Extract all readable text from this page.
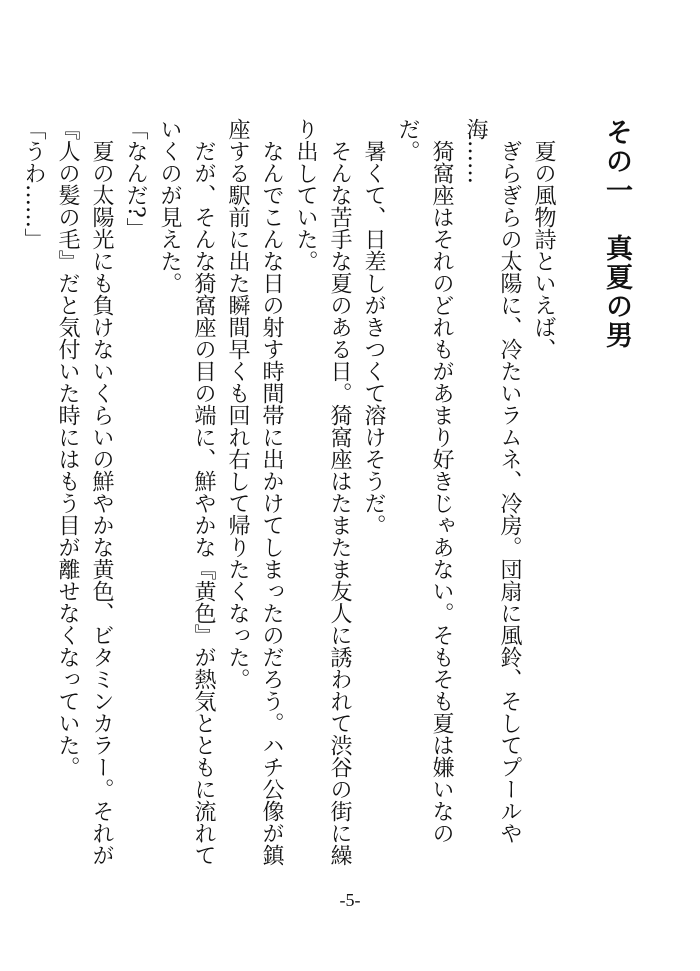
その一　真夏の男

夏の風物詩といえば、

ぎらぎらの太陽に、冷たいラムネ、冷房。団扇に風鈴、そしてプールや海……

猗窩座はそれのどれもがあまり好きじゃあない。そもそも夏は嫌いなのだ。

暑くて、日差しがきつくて溶けそうだ。

そんな苦手な夏のある日。猗窩座はたまたま友人に誘われて渋谷の街に繰り出していた。

なんでこんな日の射す時間帯に出かけてしまったのだろう。ハチ公像が鎮座する駅前に出た瞬間早くも回れ右して帰りたくなった。

だが、そんな猗窩座の目の端に、鮮やかな『黄色』が熱気とともに流れていくのが見えた。

「なんだ?」

夏の太陽光にも負けないくらいの鮮やかな黄色、ビタミンカラー。それが『人の髪の毛』だと気付いた時にはもう目が離せなくなっていた。

「うわ……」

-5-
